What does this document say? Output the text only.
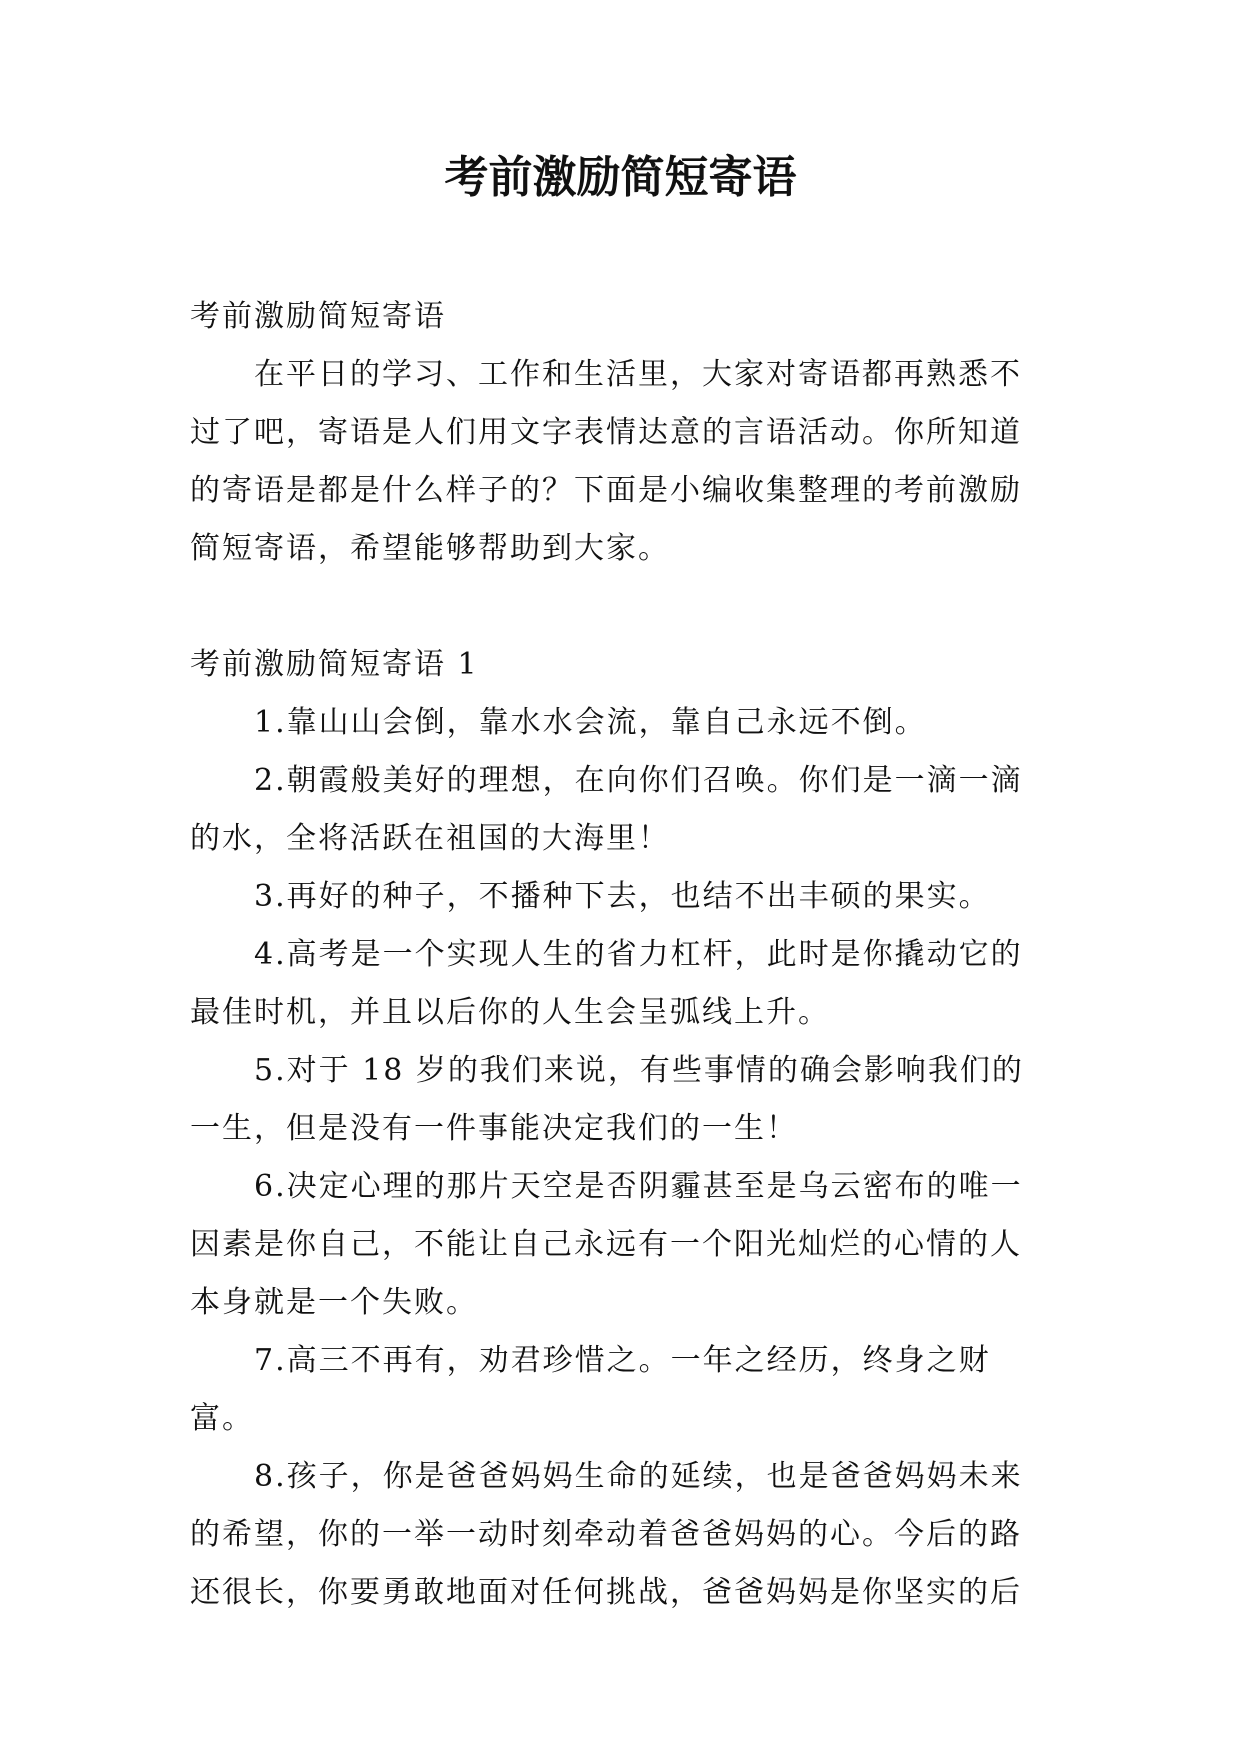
考前激励简短寄语

考前激励简短寄语

在平日的学习、工作和生活里，大家对寄语都再熟悉不过了吧，寄语是人们用文字表情达意的言语活动。你所知道的寄语是都是什么样子的？下面是小编收集整理的考前激励简短寄语，希望能够帮助到大家。

考前激励简短寄语 1

1.靠山山会倒，靠水水会流，靠自己永远不倒。

2.朝霞般美好的理想，在向你们召唤。你们是一滴一滴的水，全将活跃在祖国的大海里！

3.再好的种子，不播种下去，也结不出丰硕的果实。

4.高考是一个实现人生的省力杠杆，此时是你撬动它的最佳时机，并且以后你的人生会呈弧线上升。

5.对于 18 岁的我们来说，有些事情的确会影响我们的一生，但是没有一件事能决定我们的一生！

6.决定心理的那片天空是否阴霾甚至是乌云密布的唯一因素是你自己，不能让自己永远有一个阳光灿烂的心情的人本身就是一个失败。

7.高三不再有，劝君珍惜之。一年之经历，终身之财富。

8.孩子，你是爸爸妈妈生命的延续，也是爸爸妈妈未来的希望，你的一举一动时刻牵动着爸爸妈妈的心。今后的路还很长，你要勇敢地面对任何挑战，爸爸妈妈是你坚实的后
